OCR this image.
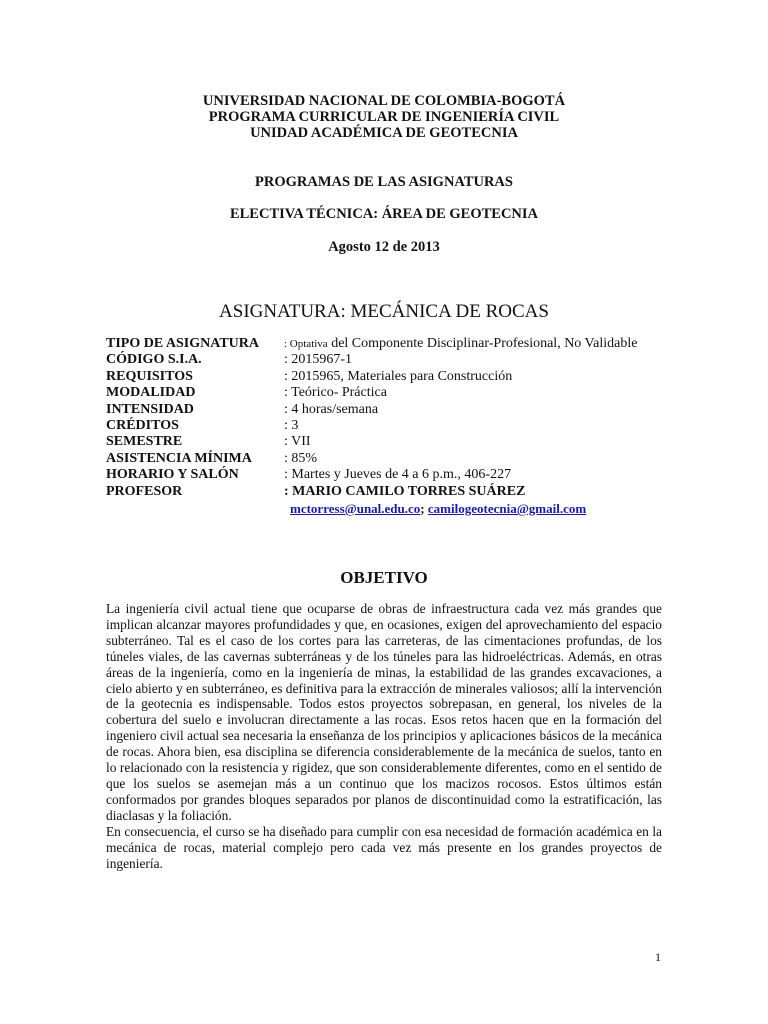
UNIVERSIDAD NACIONAL DE COLOMBIA-BOGOTÁ
PROGRAMA CURRICULAR DE INGENIERÍA CIVIL
UNIDAD ACADÉMICA DE GEOTECNIA
PROGRAMAS DE LAS ASIGNATURAS
ELECTIVA TÉCNICA: ÁREA DE GEOTECNIA
Agosto 12 de 2013
ASIGNATURA: MECÁNICA DE ROCAS
TIPO DE ASIGNATURA	: Optativa del Componente Disciplinar-Profesional, No Validable
CÓDIGO S.I.A.	: 2015967-1
REQUISITOS	: 2015965, Materiales para Construcción
MODALIDAD	: Teórico- Práctica
INTENSIDAD	: 4 horas/semana
CRÉDITOS	: 3
SEMESTRE	: VII
ASISTENCIA MÍNIMA	: 85%
HORARIO Y SALÓN	: Martes y Jueves de 4 a 6 p.m., 406-227
PROFESOR	: MARIO CAMILO TORRES SUÁREZ
mctorress@unal.edu.co; camilogeotecnia@gmail.com
OBJETIVO

La ingeniería civil actual tiene que ocuparse de obras de infraestructura cada vez más grandes que implican alcanzar mayores profundidades y que, en ocasiones, exigen del aprovechamiento del espacio subterráneo. Tal es el caso de los cortes para las carreteras, de las cimentaciones profundas, de los túneles viales, de las cavernas subterráneas y de los túneles para las hidroeléctricas. Además, en otras áreas de la ingeniería, como en la ingeniería de minas, la estabilidad de las grandes excavaciones, a cielo abierto y en subterráneo, es definitiva para la extracción de minerales valiosos; allí la intervención de la geotecnia es indispensable. Todos estos proyectos sobrepasan, en general, los niveles de la cobertura del suelo e involucran directamente a las rocas. Esos retos hacen que en la formación del ingeniero civil actual sea necesaria la enseñanza de los principios y aplicaciones básicos de la mecánica de rocas. Ahora bien, esa disciplina se diferencia considerablemente de la mecánica de suelos, tanto en lo relacionado con la resistencia y rigidez, que son considerablemente diferentes, como en el sentido de que los suelos se asemejan más a un continuo que los macizos rocosos. Estos últimos están conformados por grandes bloques separados por planos de discontinuidad como la estratificación, las diaclasas y la foliación.

En consecuencia, el curso se ha diseñado para cumplir con esa necesidad de formación académica en la mecánica de rocas, material complejo pero cada vez más presente en los grandes proyectos de ingeniería.

1
